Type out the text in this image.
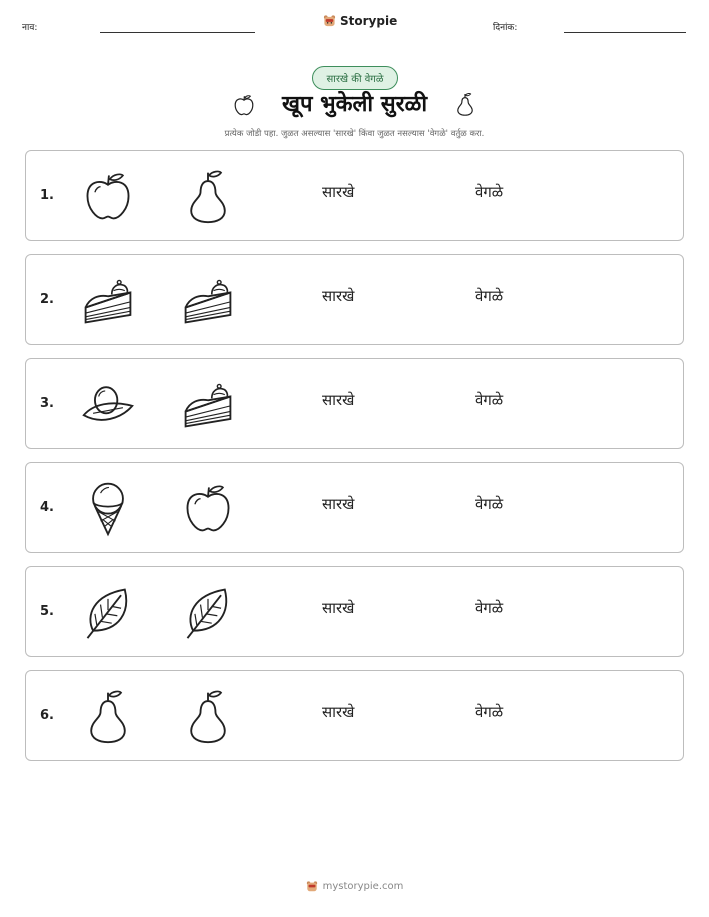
नाव:	Storypie	दिनांक:
सारखे की वेगळे
खूप भुकेली सुरळी
प्रत्येक जोडी पहा. जुळत असल्यास 'सारखे' किंवा जुळत नसल्यास 'वेगळे' वर्तुळ करा.
1.	सारखे	वेगळे
2.	सारखे	वेगळे
3.	सारखे	वेगळे
4.	सारखे	वेगळे
5.	सारखे	वेगळे
6.	सारखे	वेगळे
mystorypie.com
